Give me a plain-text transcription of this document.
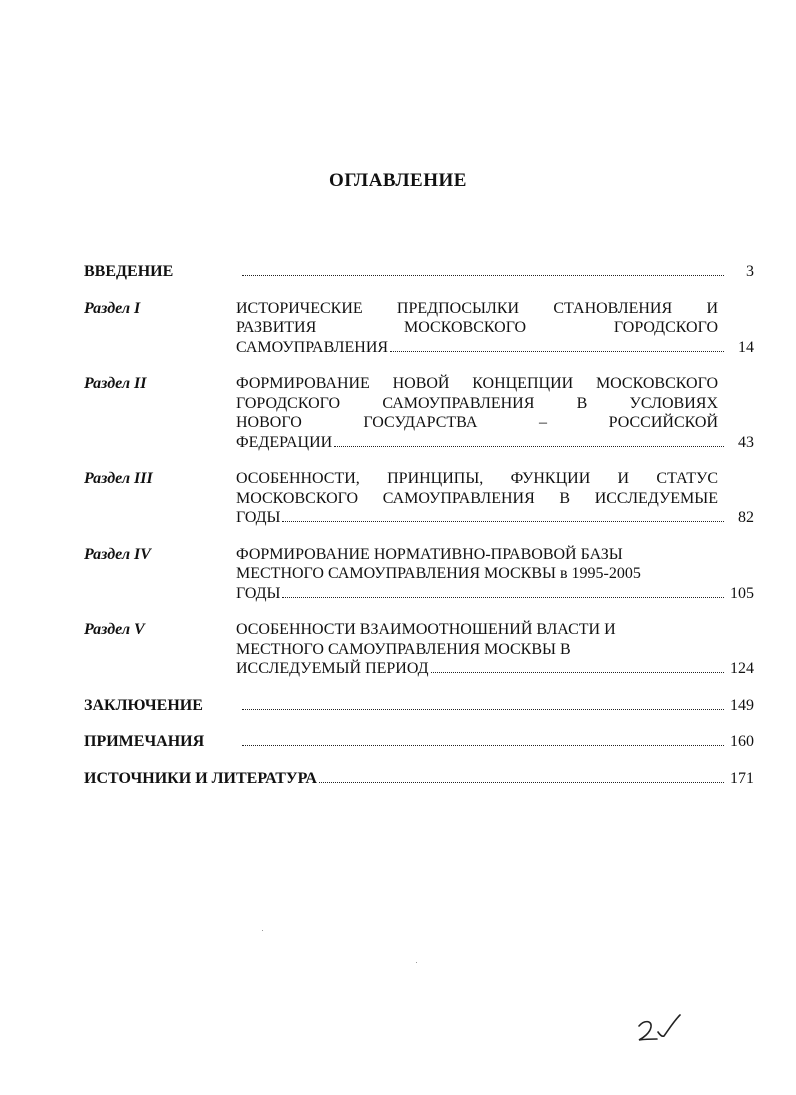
ОГЛАВЛЕНИЕ
ВВЕДЕНИЕ	3
Раздел I	ИСТОРИЧЕСКИЕ ПРЕДПОСЫЛКИ СТАНОВЛЕНИЯ И
РАЗВИТИЯ МОСКОВСКОГО ГОРОДСКОГО
САМОУПРАВЛЕНИЯ	14
Раздел II	ФОРМИРОВАНИЕ НОВОЙ КОНЦЕПЦИИ МОСКОВСКОГО
ГОРОДСКОГО САМОУПРАВЛЕНИЯ В УСЛОВИЯХ
НОВОГО ГОСУДАРСТВА – РОССИЙСКОЙ
ФЕДЕРАЦИИ	43
Раздел III	ОСОБЕННОСТИ, ПРИНЦИПЫ, ФУНКЦИИ И СТАТУС
МОСКОВСКОГО САМОУПРАВЛЕНИЯ В ИССЛЕДУЕМЫЕ
ГОДЫ	82
Раздел IV	ФОРМИРОВАНИЕ НОРМАТИВНО-ПРАВОВОЙ БАЗЫ
МЕСТНОГО САМОУПРАВЛЕНИЯ МОСКВЫ в 1995-2005
ГОДЫ	105
Раздел V	ОСОБЕННОСТИ ВЗАИМООТНОШЕНИЙ ВЛАСТИ И
МЕСТНОГО САМОУПРАВЛЕНИЯ МОСКВЫ В
ИССЛЕДУЕМЫЙ ПЕРИОД	124
ЗАКЛЮЧЕНИЕ	149
ПРИМЕЧАНИЯ	160
ИСТОЧНИКИ И ЛИТЕРАТУРА	171
